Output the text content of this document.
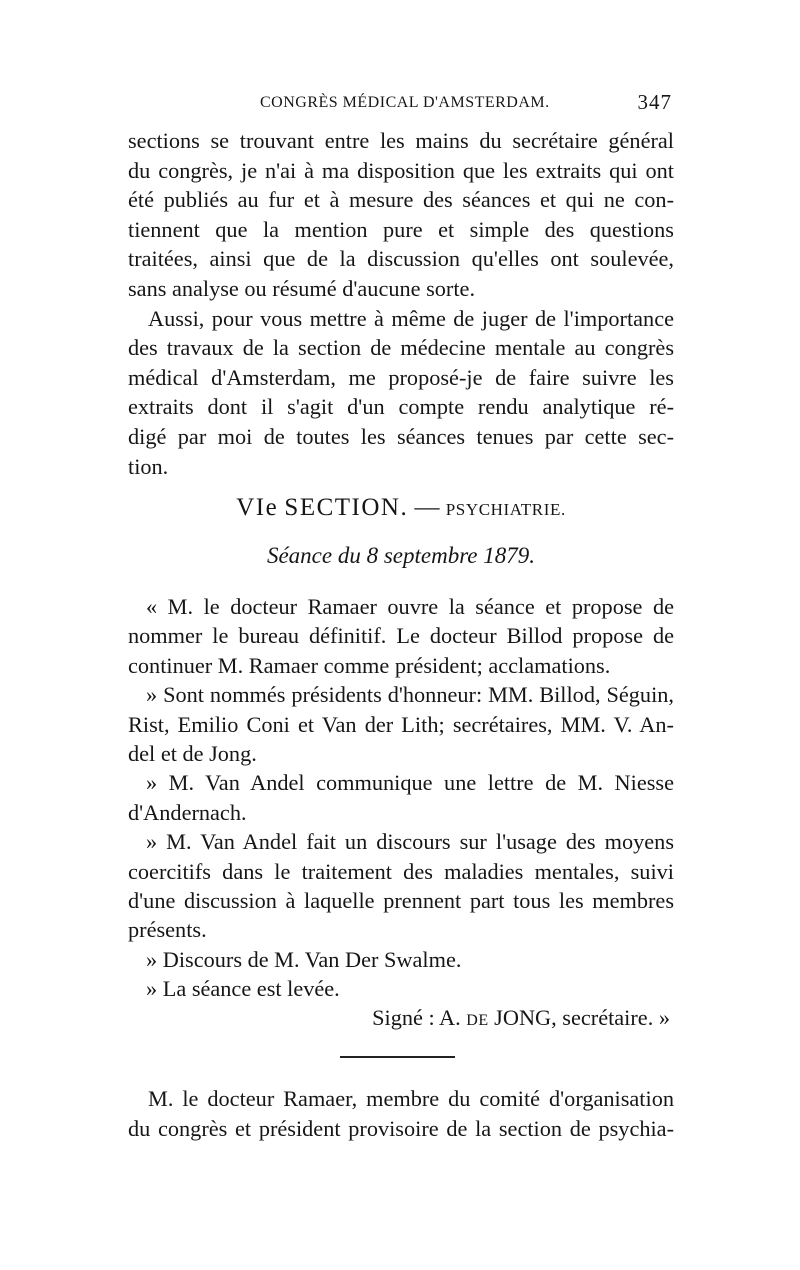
CONGRÈS MÉDICAL D'AMSTERDAM.	347
sections se trouvant entre les mains du secrétaire général
du congrès, je n'ai à ma disposition que les extraits qui ont
été publiés au fur et à mesure des séances et qui ne con-
tiennent que la mention pure et simple des questions
traitées, ainsi que de la discussion qu'elles ont soulevée,
sans analyse ou résumé d'aucune sorte.
Aussi, pour vous mettre à même de juger de l'importance
des travaux de la section de médecine mentale au congrès
médical d'Amsterdam, me proposé-je de faire suivre les
extraits dont il s'agit d'un compte rendu analytique ré-
digé par moi de toutes les séances tenues par cette sec-
tion.
VIe SECTION. — PSYCHIATRIE.
Séance du 8 septembre 1879.
« M. le docteur Ramaer ouvre la séance et propose de
nommer le bureau définitif. Le docteur Billod propose de
continuer M. Ramaer comme président; acclamations.
» Sont nommés présidents d'honneur: MM. Billod, Séguin,
Rist, Emilio Coni et Van der Lith; secrétaires, MM. V. An-
del et de Jong.
» M. Van Andel communique une lettre de M. Niesse
d'Andernach.
» M. Van Andel fait un discours sur l'usage des moyens
coercitifs dans le traitement des maladies mentales, suivi
d'une discussion à laquelle prennent part tous les membres
présents.
» Discours de M. Van Der Swalme.
» La séance est levée.
Signé : A. DE JONG, secrétaire. »
M. le docteur Ramaer, membre du comité d'organisation
du congrès et président provisoire de la section de psychia-
